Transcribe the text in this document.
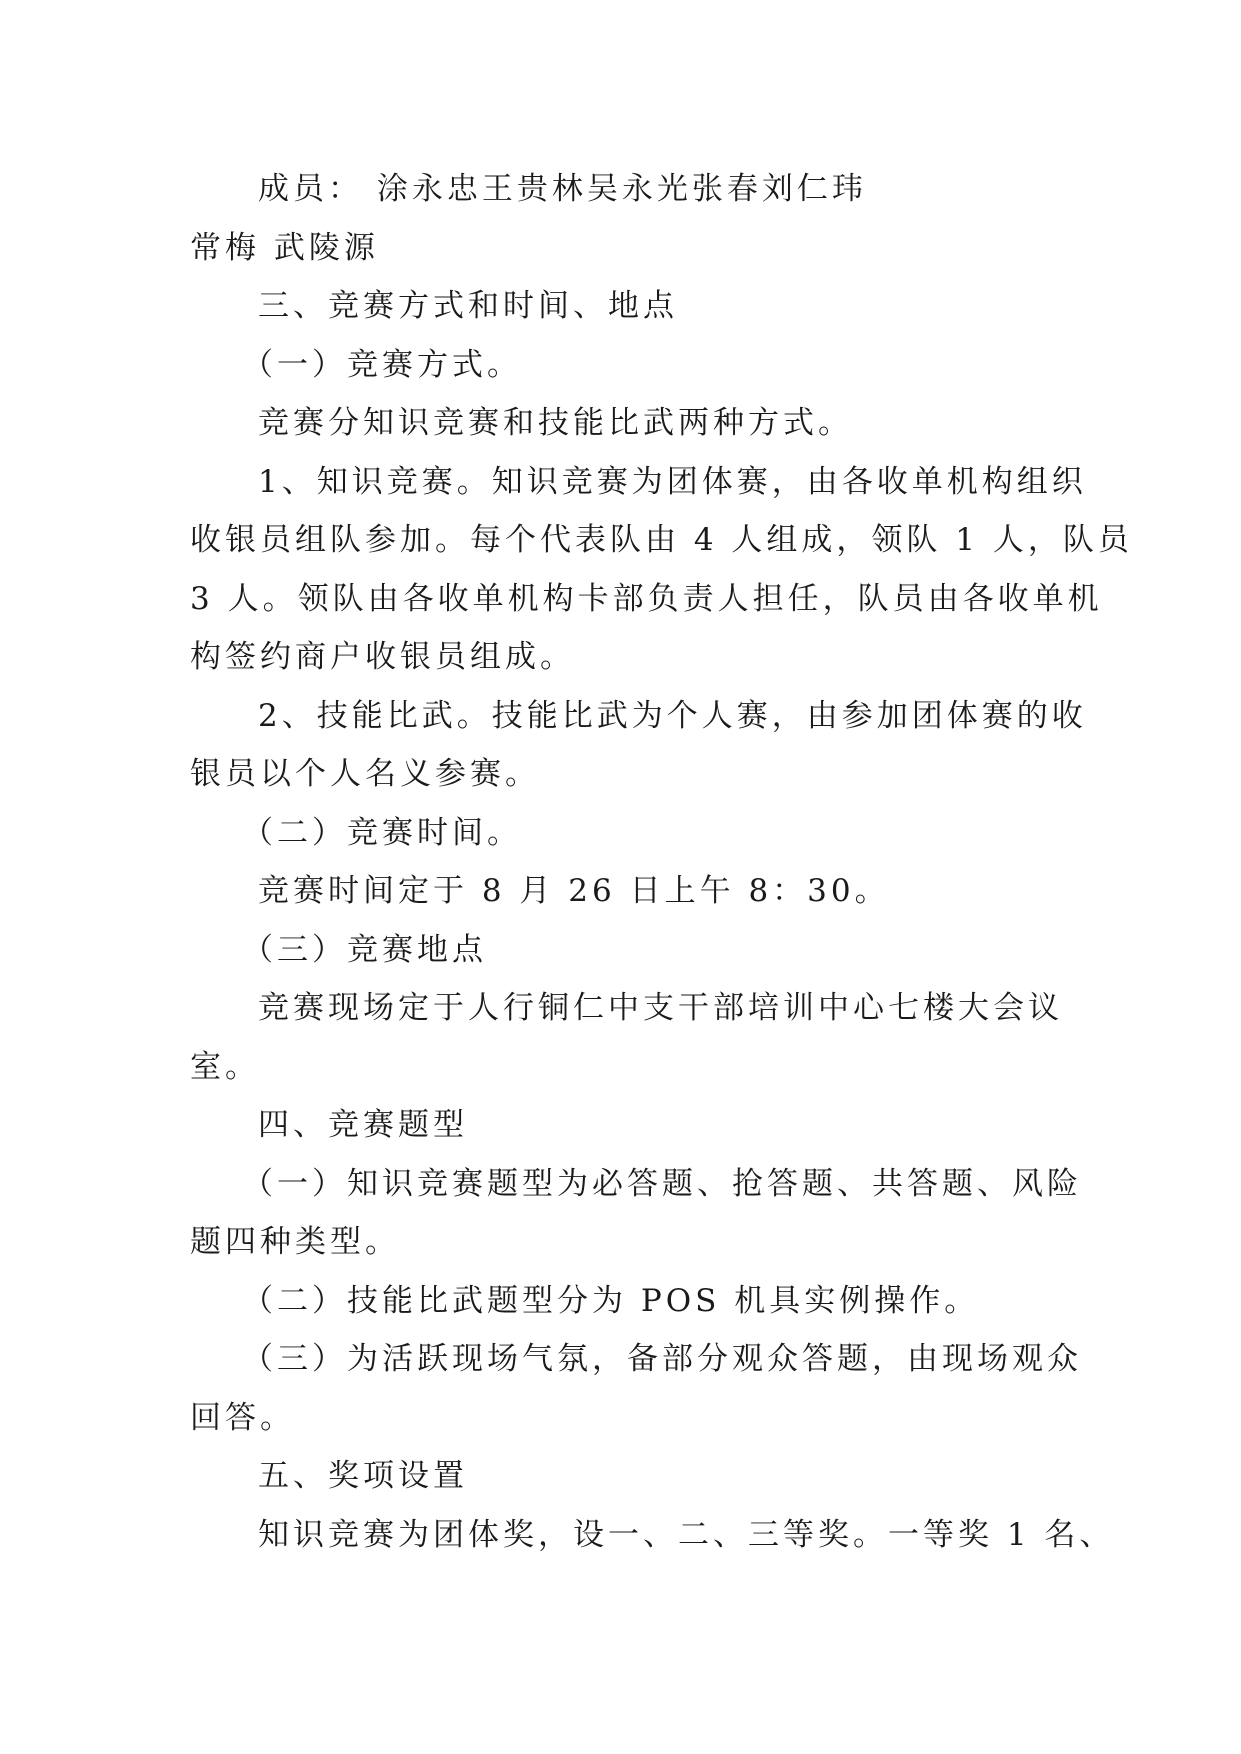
成员： 涂永忠王贵林吴永光张春刘仁玮
常梅 武陵源
三、竞赛方式和时间、地点
（一）竞赛方式。
竞赛分知识竞赛和技能比武两种方式。
1、知识竞赛。知识竞赛为团体赛，由各收单机构组织
收银员组队参加。每个代表队由 4 人组成，领队 1 人，队员
3 人。领队由各收单机构卡部负责人担任，队员由各收单机
构签约商户收银员组成。
2、技能比武。技能比武为个人赛，由参加团体赛的收
银员以个人名义参赛。
（二）竞赛时间。
竞赛时间定于 8 月 26 日上午 8：30。
（三）竞赛地点
竞赛现场定于人行铜仁中支干部培训中心七楼大会议
室。
四、竞赛题型
（一）知识竞赛题型为必答题、抢答题、共答题、风险
题四种类型。
（二）技能比武题型分为 POS 机具实例操作。
（三）为活跃现场气氛，备部分观众答题，由现场观众
回答。
五、奖项设置
知识竞赛为团体奖，设一、二、三等奖。一等奖 1 名、
